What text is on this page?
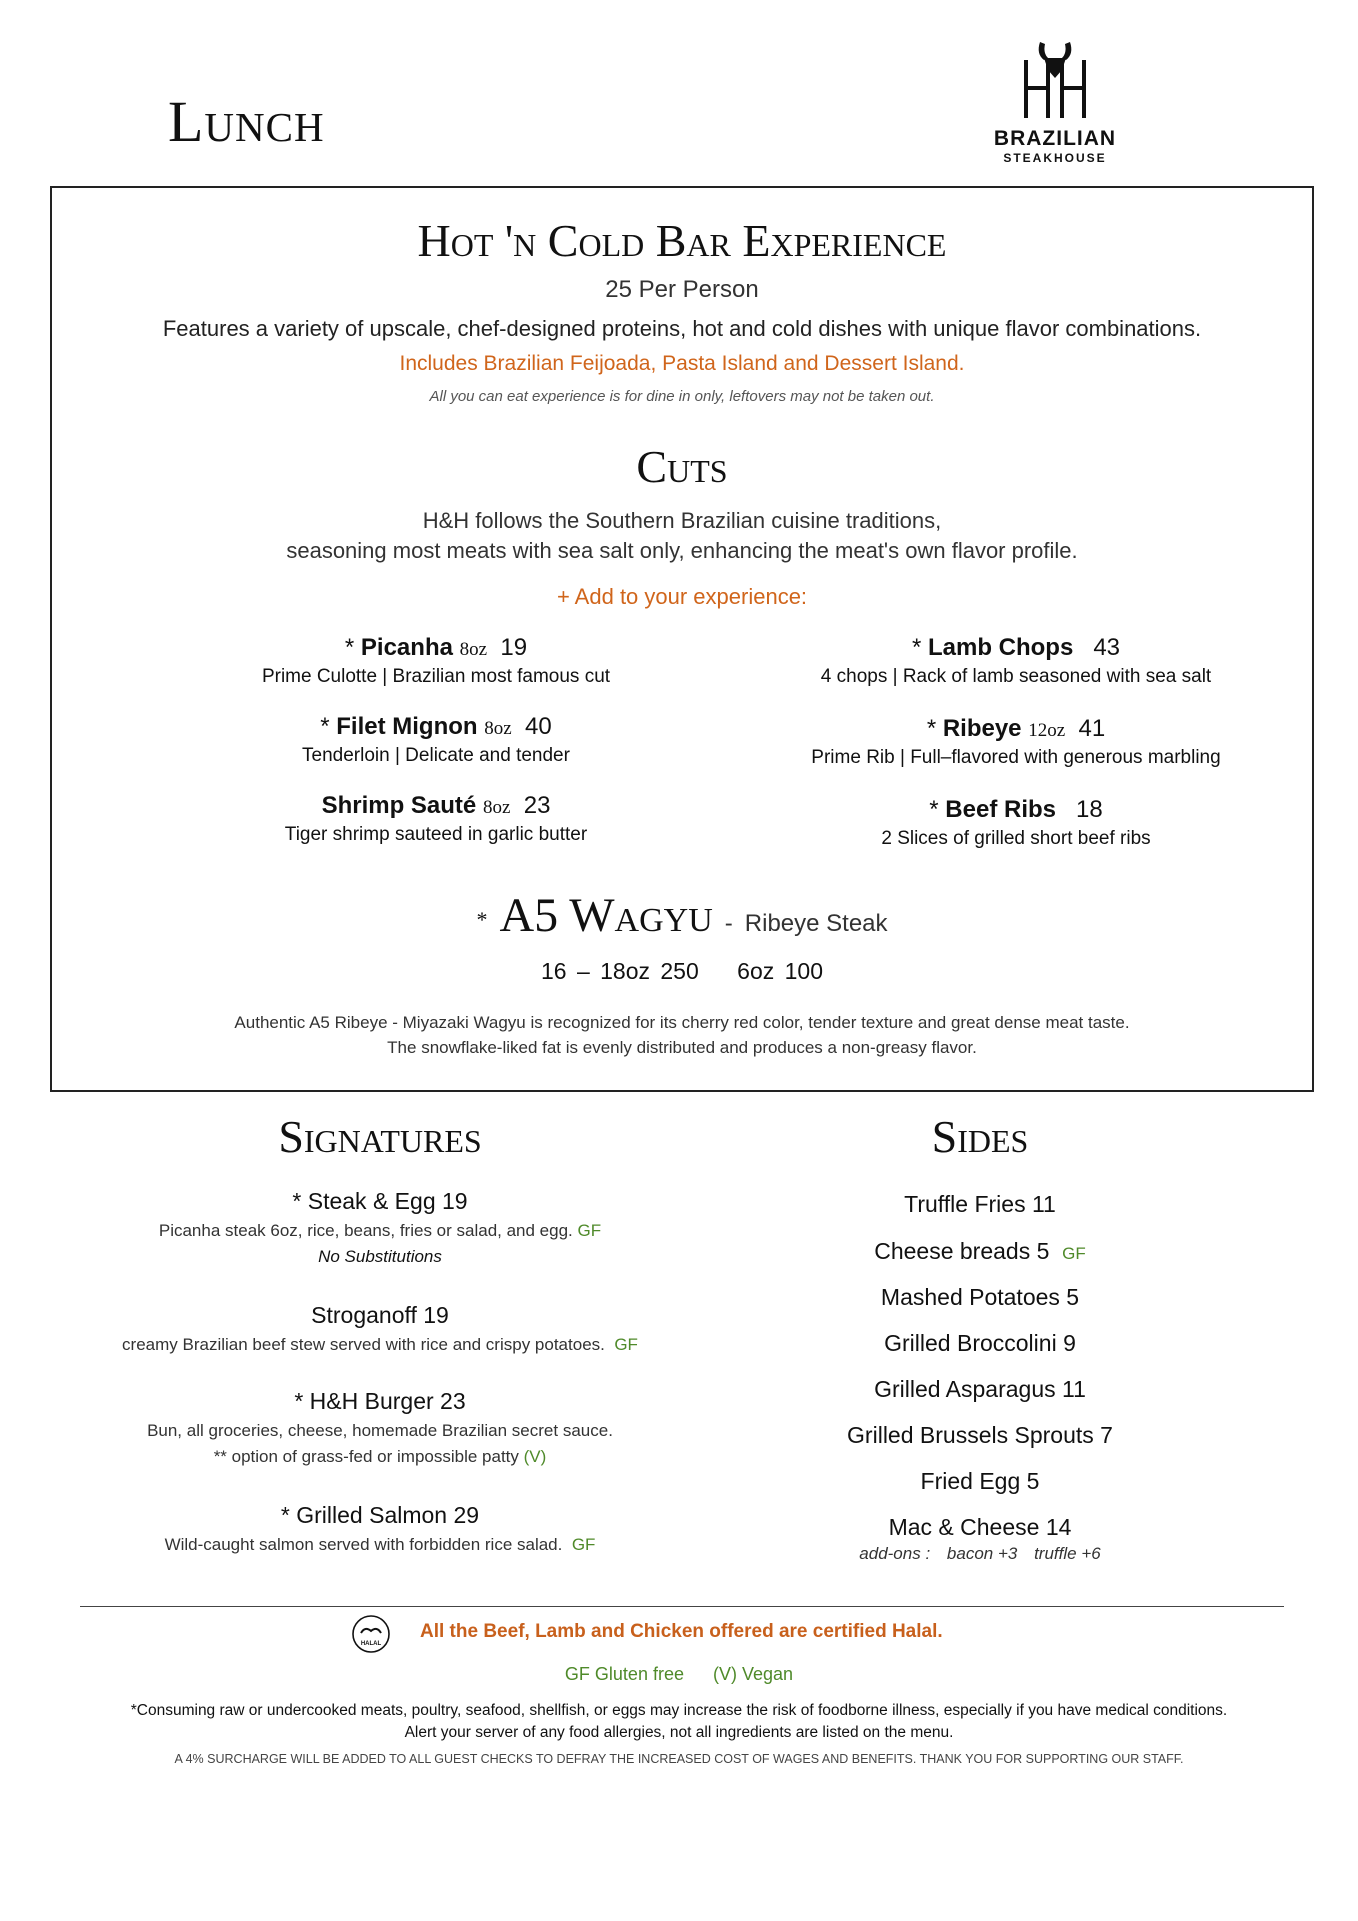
Lunch	BRAZILIAN
STEAKHOUSE
Hot 'n Cold Bar Experience
25 Per Person
Features a variety of upscale, chef-designed proteins, hot and cold dishes with unique flavor combinations.
Includes Brazilian Feijoada, Pasta Island and Dessert Island.
All you can eat experience is for dine in only, leftovers may not be taken out.
Cuts
H&H follows the Southern Brazilian cuisine traditions,
seasoning most meats with sea salt only, enhancing the meat's own flavor profile.
+ Add to your experience:
* Picanha 8oz 19
Prime Culotte | Brazilian most famous cut
* Filet Mignon 8oz 40
Tenderloin | Delicate and tender
Shrimp Sauté 8oz 23
Tiger shrimp sauteed in garlic butter
* Lamb Chops 43
4 chops | Rack of lamb seasoned with sea salt
* Ribeye 12oz 41
Prime Rib | Full–flavored with generous marbling
* Beef Ribs 18
2 Slices of grilled short beef ribs
* A5 Wagyu - Ribeye Steak
16 – 18oz 250 6oz 100
Authentic A5 Ribeye - Miyazaki Wagyu is recognized for its cherry red color, tender texture and great dense meat taste.
The snowflake-liked fat is evenly distributed and produces a non-greasy flavor.
Signatures	Sides
* Steak & Egg 19
Picanha steak 6oz, rice, beans, fries or salad, and egg. GF
No Substitutions
Stroganoff 19
creamy Brazilian beef stew served with rice and crispy potatoes. GF
* H&H Burger 23
Bun, all groceries, cheese, homemade Brazilian secret sauce.
** option of grass-fed or impossible patty (V)
* Grilled Salmon 29
Wild-caught salmon served with forbidden rice salad. GF
Truffle Fries 11
Cheese breads 5 GF
Mashed Potatoes 5
Grilled Broccolini 9
Grilled Asparagus 11
Grilled Brussels Sprouts 7
Fried Egg 5
Mac & Cheese 14
add-ons : bacon +3 truffle +6
HALAL
All the Beef, Lamb and Chicken offered are certified Halal.
GF Gluten free (V) Vegan
*Consuming raw or undercooked meats, poultry, seafood, shellfish, or eggs may increase the risk of foodborne illness, especially if you have medical conditions.
Alert your server of any food allergies, not all ingredients are listed on the menu.
A 4% SURCHARGE WILL BE ADDED TO ALL GUEST CHECKS TO DEFRAY THE INCREASED COST OF WAGES AND BENEFITS. THANK YOU FOR SUPPORTING OUR STAFF.
